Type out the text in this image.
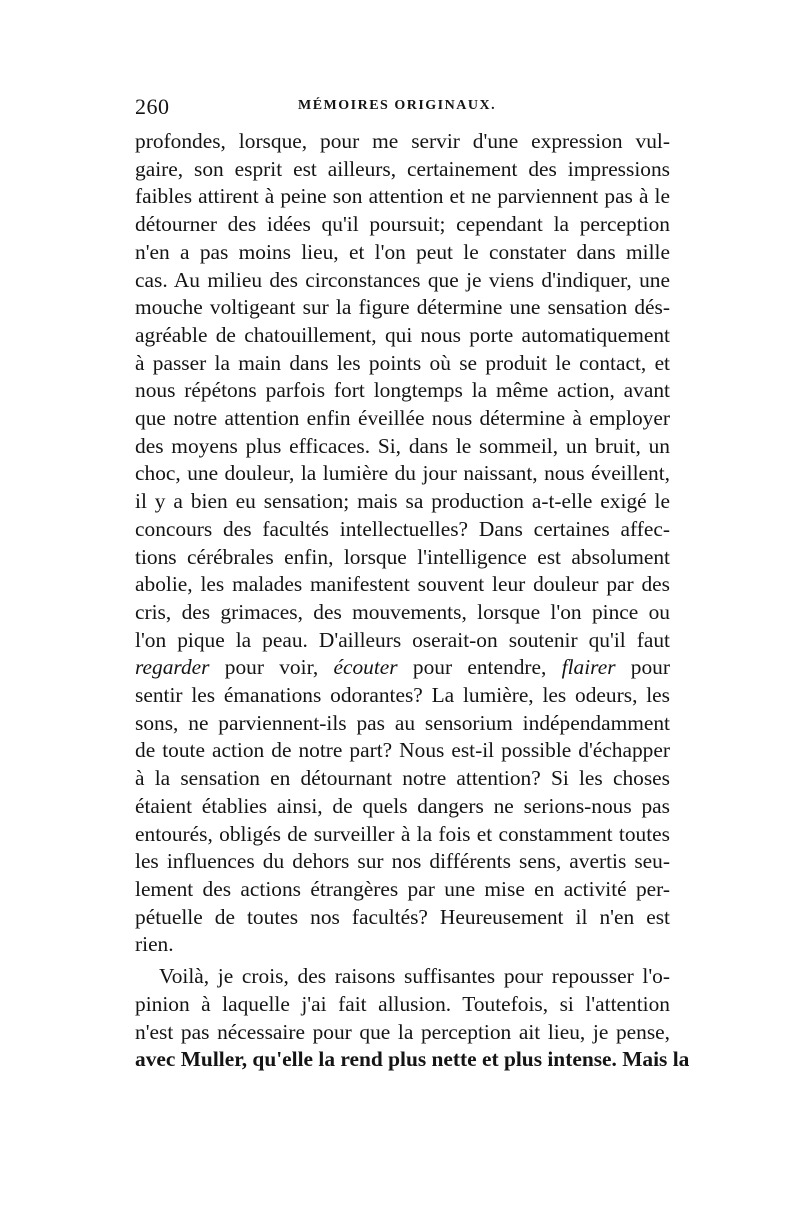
260	MÉMOIRES ORIGINAUX.
profondes, lorsque, pour me servir d'une expression vul-
gaire, son esprit est ailleurs, certainement des impressions
faibles attirent à peine son attention et ne parviennent pas à le
détourner des idées qu'il poursuit; cependant la perception
n'en a pas moins lieu, et l'on peut le constater dans mille
cas. Au milieu des circonstances que je viens d'indiquer, une
mouche voltigeant sur la figure détermine une sensation dés-
agréable de chatouillement, qui nous porte automatiquement
à passer la main dans les points où se produit le contact, et
nous répétons parfois fort longtemps la même action, avant
que notre attention enfin éveillée nous détermine à employer
des moyens plus efficaces. Si, dans le sommeil, un bruit, un
choc, une douleur, la lumière du jour naissant, nous éveillent,
il y a bien eu sensation; mais sa production a-t-elle exigé le
concours des facultés intellectuelles? Dans certaines affec-
tions cérébrales enfin, lorsque l'intelligence est absolument
abolie, les malades manifestent souvent leur douleur par des
cris, des grimaces, des mouvements, lorsque l'on pince ou
l'on pique la peau. D'ailleurs oserait-on soutenir qu'il faut
regarder pour voir, écouter pour entendre, flairer pour
sentir les émanations odorantes? La lumière, les odeurs, les
sons, ne parviennent-ils pas au sensorium indépendamment
de toute action de notre part? Nous est-il possible d'échapper
à la sensation en détournant notre attention? Si les choses
étaient établies ainsi, de quels dangers ne serions-nous pas
entourés, obligés de surveiller à la fois et constamment toutes
les influences du dehors sur nos différents sens, avertis seu-
lement des actions étrangères par une mise en activité per-
pétuelle de toutes nos facultés? Heureusement il n'en est
rien.
Voilà, je crois, des raisons suffisantes pour repousser l'o-
pinion à laquelle j'ai fait allusion. Toutefois, si l'attention
n'est pas nécessaire pour que la perception ait lieu, je pense,
avec Muller, qu'elle la rend plus nette et plus intense. Mais la
